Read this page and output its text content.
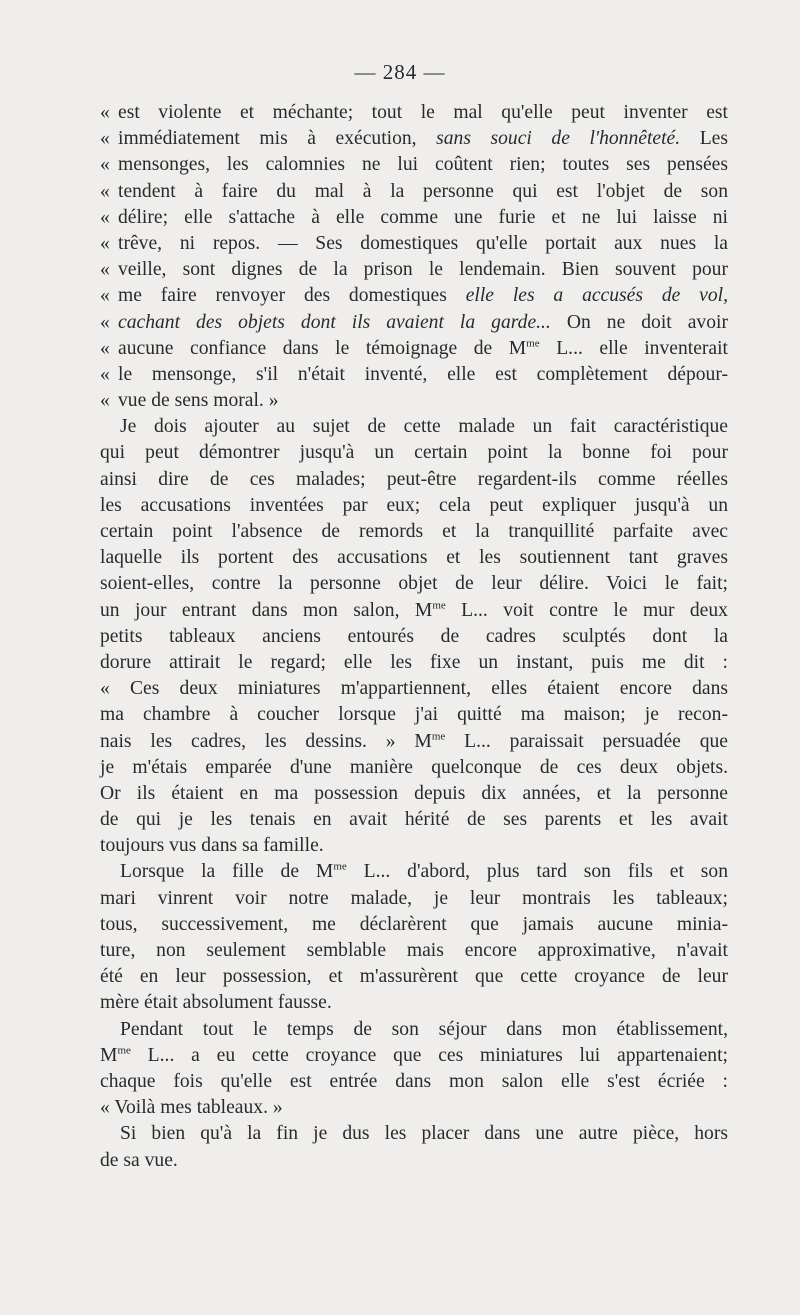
— 284 —
« est violente et méchante; tout le mal qu'elle peut inventer est
« immédiatement mis à exécution, sans souci de l'honnêteté. Les
« mensonges, les calomnies ne lui coûtent rien; toutes ses pensées
« tendent à faire du mal à la personne qui est l'objet de son
« délire; elle s'attache à elle comme une furie et ne lui laisse ni
« trêve, ni repos. — Ses domestiques qu'elle portait aux nues la
« veille, sont dignes de la prison le lendemain. Bien souvent pour
« me faire renvoyer des domestiques elle les a accusés de vol,
« cachant des objets dont ils avaient la garde... On ne doit avoir
« aucune confiance dans le témoignage de $M^{me}$ L... elle inventerait
« le mensonge, s'il n'était inventé, elle est complètement dépour-
« vue de sens moral. »
Je dois ajouter au sujet de cette malade un fait caractéristique
qui peut démontrer jusqu'à un certain point la bonne foi pour
ainsi dire de ces malades; peut-être regardent-ils comme réelles
les accusations inventées par eux; cela peut expliquer jusqu'à un
certain point l'absence de remords et la tranquillité parfaite avec
laquelle ils portent des accusations et les soutiennent tant graves
soient-elles, contre la personne objet de leur délire. Voici le fait;
un jour entrant dans mon salon, $M^{me}$ L... voit contre le mur deux
petits tableaux anciens entourés de cadres sculptés dont la
dorure attirait le regard; elle les fixe un instant, puis me dit :
« Ces deux miniatures m'appartiennent, elles étaient encore dans
ma chambre à coucher lorsque j'ai quitté ma maison; je recon-
nais les cadres, les dessins. » $M^{me}$ L... paraissait persuadée que
je m'étais emparée d'une manière quelconque de ces deux objets.
Or ils étaient en ma possession depuis dix années, et la personne
de qui je les tenais en avait hérité de ses parents et les avait
toujours vus dans sa famille.
Lorsque la fille de $M^{me}$ L... d'abord, plus tard son fils et son
mari vinrent voir notre malade, je leur montrais les tableaux;
tous, successivement, me déclarèrent que jamais aucune minia-
ture, non seulement semblable mais encore approximative, n'avait
été en leur possession, et m'assurèrent que cette croyance de leur
mère était absolument fausse.
Pendant tout le temps de son séjour dans mon établissement,
$M^{me}$ L... a eu cette croyance que ces miniatures lui appartenaient;
chaque fois qu'elle est entrée dans mon salon elle s'est écriée :
« Voilà mes tableaux. »
Si bien qu'à la fin je dus les placer dans une autre pièce, hors
de sa vue.
